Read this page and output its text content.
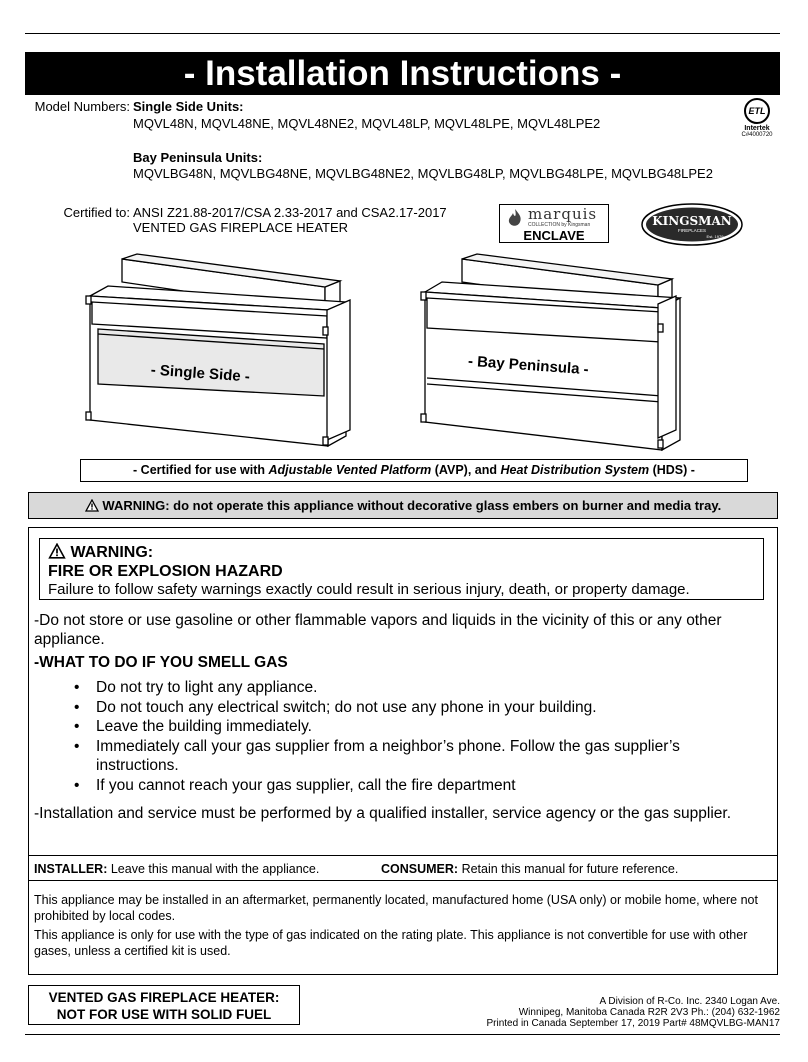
- Installation Instructions -
Model Numbers: Single Side Units:
MQVL48N, MQVL48NE, MQVL48NE2, MQVL48LP, MQVL48LPE, MQVL48LPE2
Bay Peninsula Units:
MQVLBG48N, MQVLBG48NE, MQVLBG48NE2, MQVLBG48LP, MQVLBG48LPE, MQVLBG48LPE2
Certified to: ANSI Z21.88-2017/CSA 2.33-2017 and CSA2.17-2017
VENTED GAS FIREPLACE HEATER
ETL
Intertek
C#4000720
marquis
COLLECTION by Kingsman
ENCLAVE
KINGSMAN
FIREPLACES
Est. 1979
- Single Side -	- Bay Peninsula -
- Certified for use with Adjustable Vented Platform (AVP), and Heat Distribution System (HDS) -
WARNING: do not operate this appliance without decorative glass embers on burner and media tray.
WARNING:
FIRE OR EXPLOSION HAZARD
Failure to follow safety warnings exactly could result in serious injury, death, or property damage.
-Do not store or use gasoline or other flammable vapors and liquids in the vicinity of this or any other appliance.
-WHAT TO DO IF YOU SMELL GAS
• Do not try to light any appliance.
• Do not touch any electrical switch; do not use any phone in your building.
• Leave the building immediately.
• Immediately call your gas supplier from a neighbor’s phone. Follow the gas supplier’s instructions.
• If you cannot reach your gas supplier, call the fire department
-Installation and service must be performed by a qualified installer, service agency or the gas supplier.
INSTALLER: Leave this manual with the appliance.	CONSUMER: Retain this manual for future reference.
This appliance may be installed in an aftermarket, permanently located, manufactured home (USA only) or mobile home, where not prohibited by local codes.
This appliance is only for use with the type of gas indicated on the rating plate. This appliance is not convertible for use with other gases, unless a certified kit is used.
VENTED GAS FIREPLACE HEATER:
NOT FOR USE WITH SOLID FUEL
A Division of R-Co. Inc. 2340 Logan Ave.
Winnipeg, Manitoba Canada R2R 2V3 Ph.: (204) 632-1962
Printed in Canada September 17, 2019 Part# 48MQVLBG-MAN17
